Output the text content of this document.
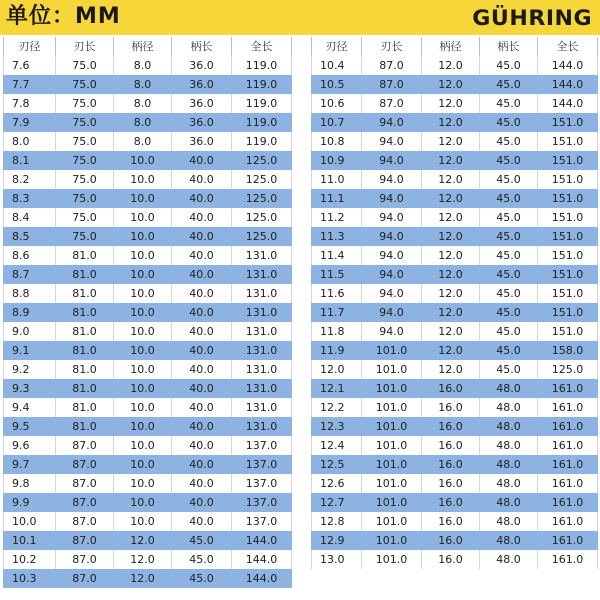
单位：MM	GÜHRING
刃径	刃长	柄径	柄长	全长
7.6	75.0	8.0	36.0	119.0
7.7	75.0	8.0	36.0	119.0
7.8	75.0	8.0	36.0	119.0
7.9	75.0	8.0	36.0	119.0
8.0	75.0	8.0	36.0	119.0
8.1	75.0	10.0	40.0	125.0
8.2	75.0	10.0	40.0	125.0
8.3	75.0	10.0	40.0	125.0
8.4	75.0	10.0	40.0	125.0
8.5	75.0	10.0	40.0	125.0
8.6	81.0	10.0	40.0	131.0
8.7	81.0	10.0	40.0	131.0
8.8	81.0	10.0	40.0	131.0
8.9	81.0	10.0	40.0	131.0
9.0	81.0	10.0	40.0	131.0
9.1	81.0	10.0	40.0	131.0
9.2	81.0	10.0	40.0	131.0
9.3	81.0	10.0	40.0	131.0
9.4	81.0	10.0	40.0	131.0
9.5	81.0	10.0	40.0	131.0
9.6	87.0	10.0	40.0	137.0
9.7	87.0	10.0	40.0	137.0
9.8	87.0	10.0	40.0	137.0
9.9	87.0	10.0	40.0	137.0
10.0	87.0	10.0	40.0	137.0
10.1	87.0	12.0	45.0	144.0
10.2	87.0	12.0	45.0	144.0
10.3	87.0	12.0	45.0	144.0
刃径	刃长	柄径	柄长	全长
10.4	87.0	12.0	45.0	144.0
10.5	87.0	12.0	45.0	144.0
10.6	87.0	12.0	45.0	144.0
10.7	94.0	12.0	45.0	151.0
10.8	94.0	12.0	45.0	151.0
10.9	94.0	12.0	45.0	151.0
11.0	94.0	12.0	45.0	151.0
11.1	94.0	12.0	45.0	151.0
11.2	94.0	12.0	45.0	151.0
11.3	94.0	12.0	45.0	151.0
11.4	94.0	12.0	45.0	151.0
11.5	94.0	12.0	45.0	151.0
11.6	94.0	12.0	45.0	151.0
11.7	94.0	12.0	45.0	151.0
11.8	94.0	12.0	45.0	151.0
11.9	101.0	12.0	45.0	158.0
12.0	101.0	12.0	45.0	125.0
12.1	101.0	16.0	48.0	161.0
12.2	101.0	16.0	48.0	161.0
12.3	101.0	16.0	48.0	161.0
12.4	101.0	16.0	48.0	161.0
12.5	101.0	16.0	48.0	161.0
12.6	101.0	16.0	48.0	161.0
12.7	101.0	16.0	48.0	161.0
12.8	101.0	16.0	48.0	161.0
12.9	101.0	16.0	48.0	161.0
13.0	101.0	16.0	48.0	161.0
